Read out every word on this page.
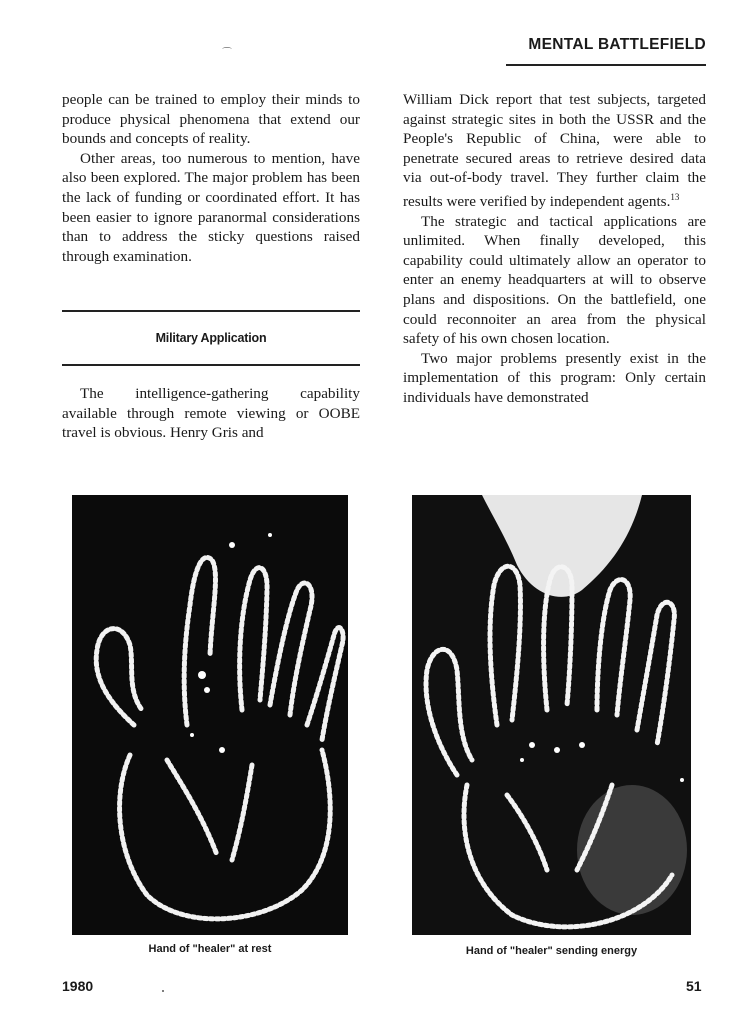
⌒
MENTAL BATTLEFIELD

people can be trained to employ their minds to produce physical phenomena that extend our bounds and concepts of reality.

Other areas, too numerous to mention, have also been explored. The major problem has been the lack of funding or coordinated effort. It has been easier to ignore paranormal considerations than to address the sticky questions raised through examination.

Military Application

The intelligence-gathering capability available through remote viewing or OOBE travel is obvious. Henry Gris and

William Dick report that test subjects, targeted against strategic sites in both the USSR and the People's Republic of China, were able to penetrate secured areas to retrieve desired data via out-of-body travel. They further claim the results were verified by independent agents.$^{13}$

The strategic and tactical applications are unlimited. When finally developed, this capability could ultimately allow an operator to enter an enemy headquarters at will to observe plans and dispositions. On the battlefield, one could reconnoiter an area from the physical safety of his own chosen location.

Two major problems presently exist in the implementation of this program: Only certain individuals have demonstrated

Hand of "healer" at rest	Hand of "healer" sending energy
1980	51
